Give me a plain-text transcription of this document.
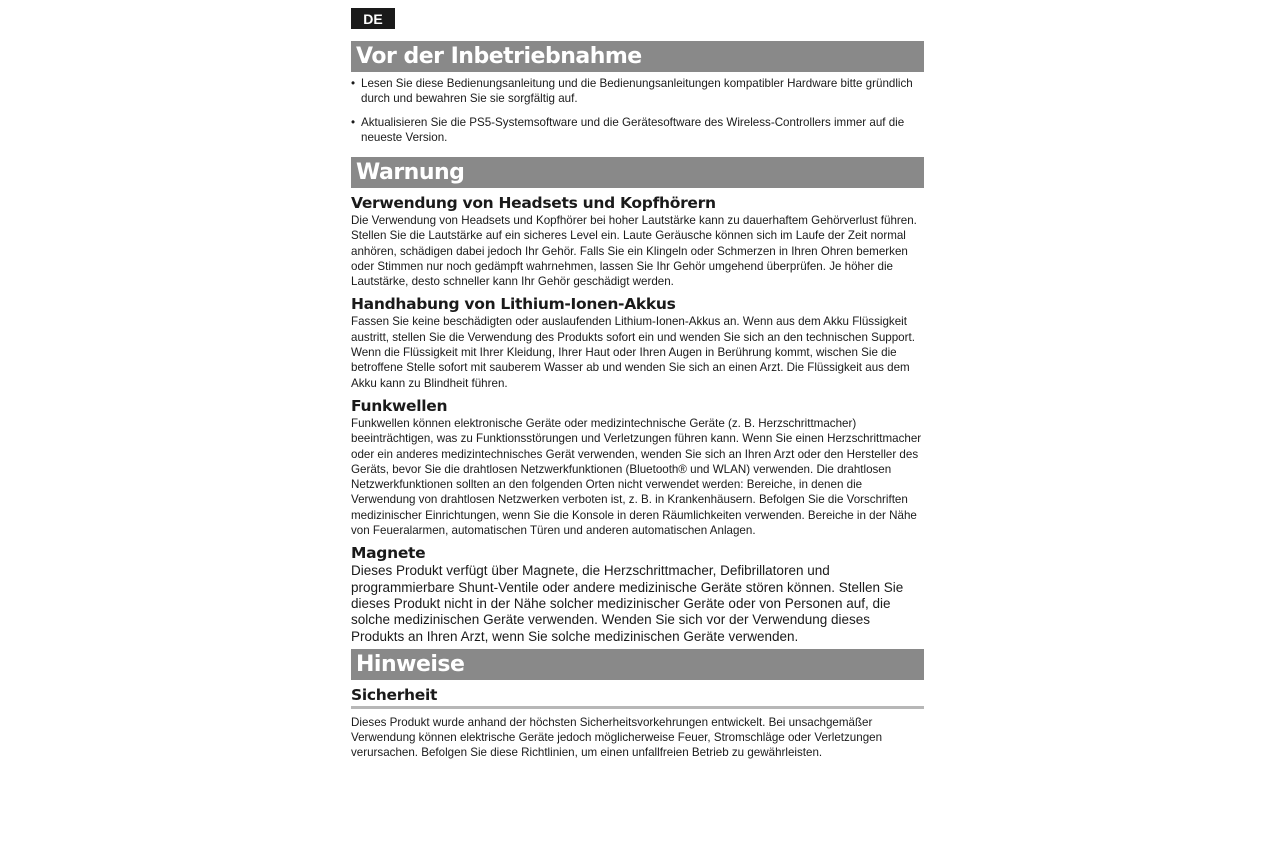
DE
Vor der Inbetriebnahme
• Lesen Sie diese Bedienungsanleitung und die Bedienungsanleitungen kompatibler Hardware bitte gründlich durch und bewahren Sie sie sorgfältig auf.
• Aktualisieren Sie die PS5-Systemsoftware und die Gerätesoftware des Wireless-Controllers immer auf die neueste Version.
Warnung
Verwendung von Headsets und Kopfhörern
Die Verwendung von Headsets und Kopfhörer bei hoher Lautstärke kann zu dauerhaftem Gehörverlust führen. Stellen Sie die Lautstärke auf ein sicheres Level ein. Laute Geräusche können sich im Laufe der Zeit normal anhören, schädigen dabei jedoch Ihr Gehör. Falls Sie ein Klingeln oder Schmerzen in Ihren Ohren bemerken oder Stimmen nur noch gedämpft wahrnehmen, lassen Sie Ihr Gehör umgehend überprüfen. Je höher die Lautstärke, desto schneller kann Ihr Gehör geschädigt werden.
Handhabung von Lithium-Ionen-Akkus
Fassen Sie keine beschädigten oder auslaufenden Lithium-Ionen-Akkus an. Wenn aus dem Akku Flüssigkeit austritt, stellen Sie die Verwendung des Produkts sofort ein und wenden Sie sich an den technischen Support. Wenn die Flüssigkeit mit Ihrer Kleidung, Ihrer Haut oder Ihren Augen in Berührung kommt, wischen Sie die betroffene Stelle sofort mit sauberem Wasser ab und wenden Sie sich an einen Arzt. Die Flüssigkeit aus dem Akku kann zu Blindheit führen.
Funkwellen
Funkwellen können elektronische Geräte oder medizintechnische Geräte (z. B. Herzschrittmacher) beeinträchtigen, was zu Funktionsstörungen und Verletzungen führen kann. Wenn Sie einen Herzschrittmacher oder ein anderes medizintechnisches Gerät verwenden, wenden Sie sich an Ihren Arzt oder den Hersteller des Geräts, bevor Sie die drahtlosen Netzwerkfunktionen (Bluetooth® und WLAN) verwenden. Die drahtlosen Netzwerkfunktionen sollten an den folgenden Orten nicht verwendet werden: Bereiche, in denen die Verwendung von drahtlosen Netzwerken verboten ist, z. B. in Krankenhäusern. Befolgen Sie die Vorschriften medizinischer Einrichtungen, wenn Sie die Konsole in deren Räumlichkeiten verwenden. Bereiche in der Nähe von Feueralarmen, automatischen Türen und anderen automatischen Anlagen.
Magnete
Dieses Produkt verfügt über Magnete, die Herzschrittmacher, Defibrillatoren und programmierbare Shunt-Ventile oder andere medizinische Geräte stören können. Stellen Sie dieses Produkt nicht in der Nähe solcher medizinischer Geräte oder von Personen auf, die solche medizinischen Geräte verwenden. Wenden Sie sich vor der Verwendung dieses Produkts an Ihren Arzt, wenn Sie solche medizinischen Geräte verwenden.
Hinweise
Sicherheit
Dieses Produkt wurde anhand der höchsten Sicherheitsvorkehrungen entwickelt. Bei unsachgemäßer Verwendung können elektrische Geräte jedoch möglicherweise Feuer, Stromschläge oder Verletzungen verursachen. Befolgen Sie diese Richtlinien, um einen unfallfreien Betrieb zu gewährleisten.
